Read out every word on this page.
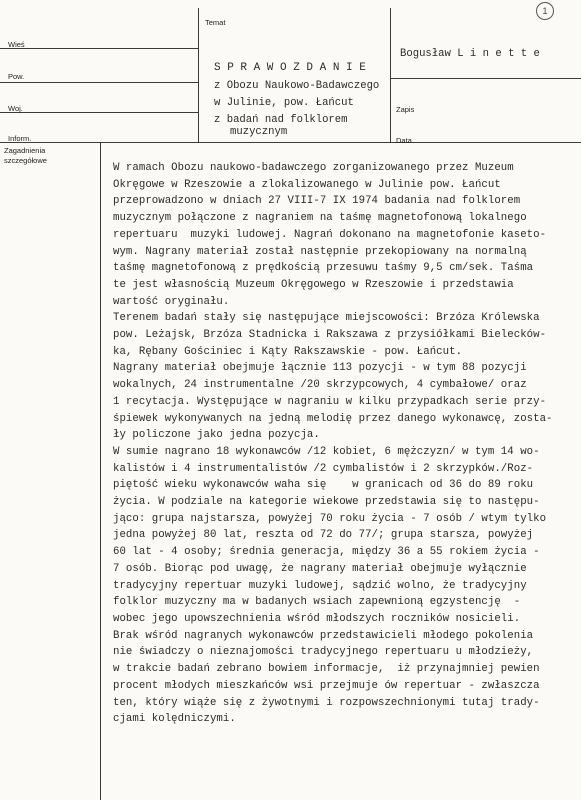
1
Wieś
Pow.
Woj.
Inform.
Temat
Zapis
Data
Zagadnienia
szczegółowe
S P R A W O Z D A N I E
z Obozu Naukowo-Badawczego
w Julinie, pow. Łańcut
z badań nad folklorem
muzycznym
Bogusław L i n e t t e
W ramach Obozu naukowo-badawczego zorganizowanego przez Muzeum
Okręgowe w Rzeszowie a zlokalizowanego w Julinie pow. Łańcut
przeprowadzono w dniach 27 VIII-7 IX 1974 badania nad folklorem
muzycznym połączone z nagraniem na taśmę magnetofonową lokalnego
repertuaru  muzyki ludowej. Nagrań dokonano na magnetofonie kaseto-
wym. Nagrany materiał został następnie przekopiowany na normalną
taśmę magnetofonową z prędkością przesuwu taśmy 9,5 cm/sek. Taśma
te jest własnością Muzeum Okręgowego w Rzeszowie i przedstawia
wartość oryginału.
Terenem badań stały się następujące miejscowości: Brzóza Królewska
pow. Leżajsk, Brzóza Stadnicka i Rakszawa z przysiółkami Bielecków-
ka, Rębany Gościniec i Kąty Rakszawskie - pow. Łańcut.
Nagrany materiał obejmuje łącznie 113 pozycji - w tym 88 pozycji
wokalnych, 24 instrumentalne /20 skrzypcowych, 4 cymbałowe/ oraz
1 recytacja. Występujące w nagraniu w kilku przypadkach serie przy-
śpiewek wykonywanych na jedną melodię przez danego wykonawcę, zosta-
ły policzone jako jedna pozycja.
W sumie nagrano 18 wykonawców /12 kobiet, 6 mężczyzn/ w tym 14 wo-
kalistów i 4 instrumentalistów /2 cymbalistów i 2 skrzypków./Roz-
piętość wieku wykonawców waha się    w granicach od 36 do 89 roku
życia. W podziale na kategorie wiekowe przedstawia się to następu-
jąco: grupa najstarsza, powyżej 70 roku życia - 7 osób / wtym tylko
jedna powyżej 80 lat, reszta od 72 do 77/; grupa starsza, powyżej
60 lat - 4 osoby; średnia generacja, między 36 a 55 rokiem życia -
7 osób. Biorąc pod uwagę, że nagrany materiał obejmuje wyłącznie
tradycyjny repertuar muzyki ludowej, sądzić wolno, że tradycyjny
folklor muzyczny ma w badanych wsiach zapewnioną egzystencję  -
wobec jego upowszechnienia wśród młodszych roczników nosicieli.
Brak wśród nagranych wykonawców przedstawicieli młodego pokolenia
nie świadczy o nieznajomości tradycyjnego repertuaru u młodzieży,
w trakcie badań zebrano bowiem informacje,  iż przynajmniej pewien
procent młodych mieszkańców wsi przejmuje ów repertuar - zwłaszcza
ten, który wiąże się z żywotnymi i rozpowszechnionymi tutaj trady-
cjami kolędniczymi.
